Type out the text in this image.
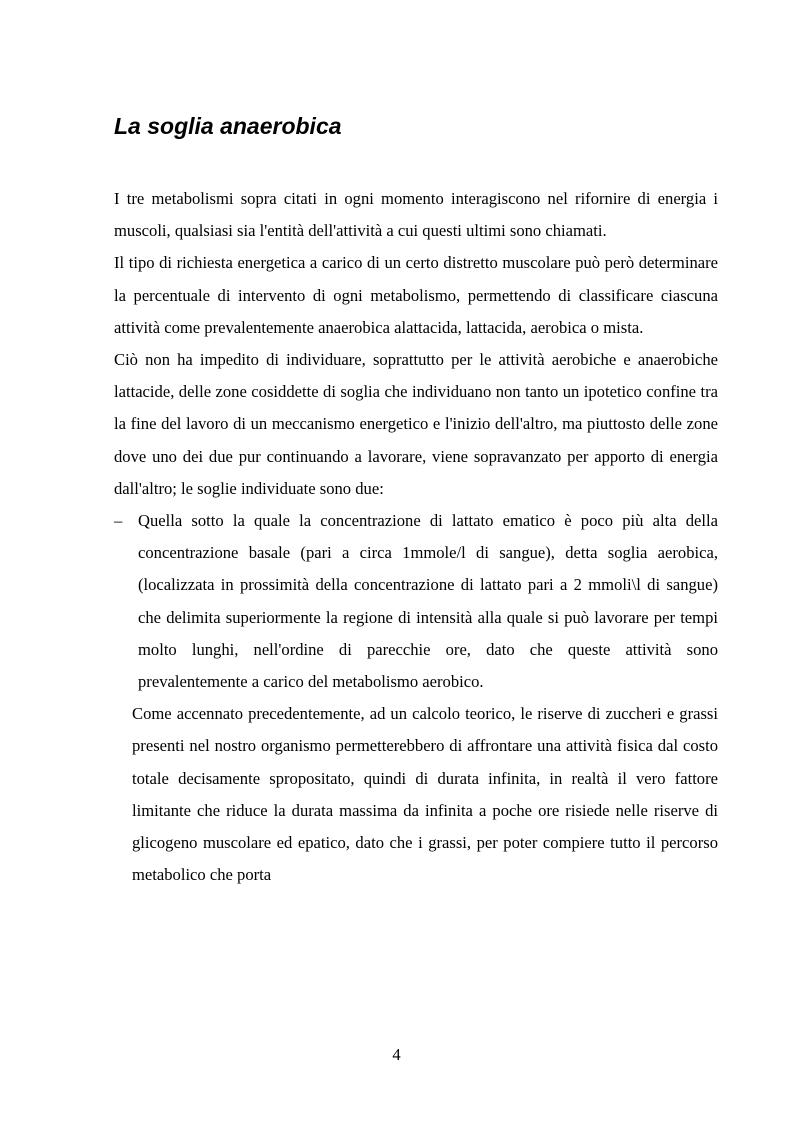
La soglia anaerobica

I tre metabolismi sopra citati in ogni momento interagiscono nel rifornire di energia i muscoli, qualsiasi sia l'entità dell'attività a cui questi ultimi sono chiamati.

Il tipo di richiesta energetica a carico di un certo distretto muscolare può però determinare la percentuale di intervento di ogni metabolismo, permettendo di classificare ciascuna attività come prevalentemente anaerobica alattacida, lattacida, aerobica o mista.

Ciò non ha impedito di individuare, soprattutto per le attività aerobiche e anaerobiche lattacide, delle zone cosiddette di soglia che individuano non tanto un ipotetico confine tra la fine del lavoro di un meccanismo energetico e l'inizio dell'altro, ma piuttosto delle zone dove uno dei due pur continuando a lavorare, viene sopravanzato per apporto di energia dall'altro; le soglie individuate sono due:

– Quella sotto la quale la concentrazione di lattato ematico è poco più alta della concentrazione basale (pari a circa 1mmole/l di sangue), detta soglia aerobica, (localizzata in prossimità della concentrazione di lattato pari a 2 mmoli\l di sangue) che delimita superiormente la regione di intensità alla quale si può lavorare per tempi molto lunghi, nell'ordine di parecchie ore, dato che queste attività sono prevalentemente a carico del metabolismo aerobico.

Come accennato precedentemente, ad un calcolo teorico, le riserve di zuccheri e grassi presenti nel nostro organismo permetterebbero di affrontare una attività fisica dal costo totale decisamente spropositato, quindi di durata infinita, in realtà il vero fattore limitante che riduce la durata massima da infinita a poche ore risiede nelle riserve di glicogeno muscolare ed epatico, dato che i grassi, per poter compiere tutto il percorso metabolico che porta

4
